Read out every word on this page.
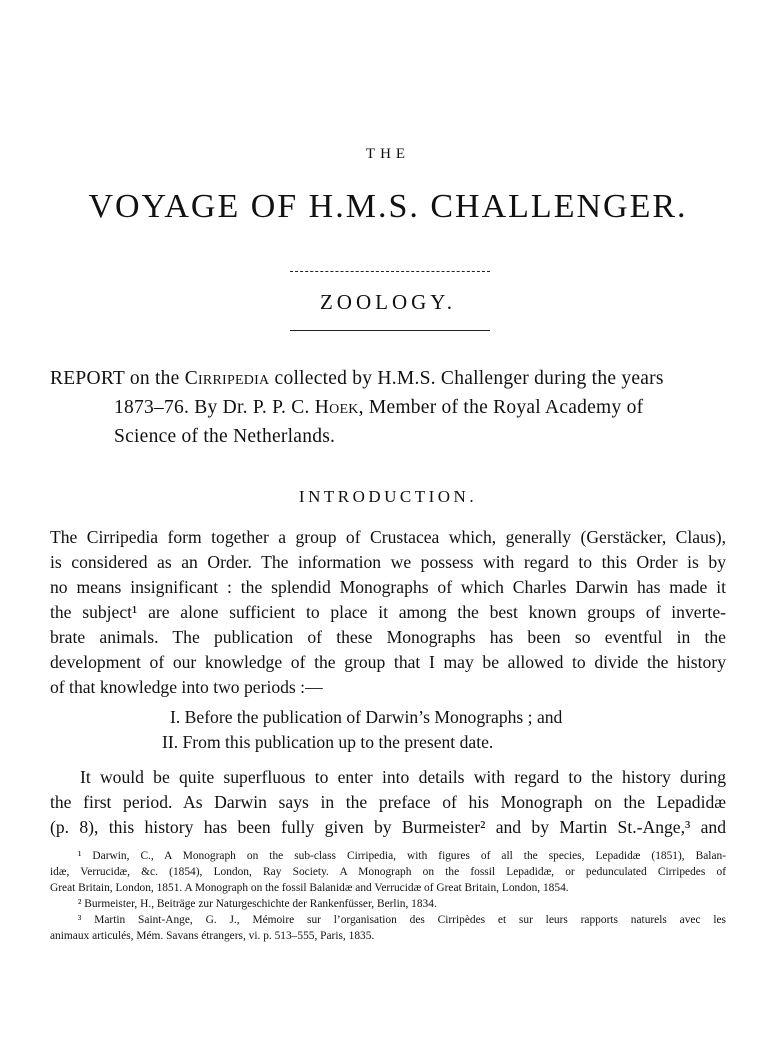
THE
VOYAGE OF H.M.S. CHALLENGER.
ZOOLOGY.
REPORT on the Cirripedia collected by H.M.S. Challenger during the years
1873–76. By Dr. P. P. C. Hoek, Member of the Royal Academy of
Science of the Netherlands.
INTRODUCTION.
The Cirripedia form together a group of Crustacea which, generally (Gerstäcker, Claus),
is considered as an Order. The information we possess with regard to this Order is by
no means insignificant : the splendid Monographs of which Charles Darwin has made it
the subject¹ are alone sufficient to place it among the best known groups of inverte-
brate animals. The publication of these Monographs has been so eventful in the
development of our knowledge of the group that I may be allowed to divide the history
of that knowledge into two periods :—
I. Before the publication of Darwin’s Monographs ; and
II. From this publication up to the present date.
It would be quite superfluous to enter into details with regard to the history during
the first period. As Darwin says in the preface of his Monograph on the Lepadidæ
(p. 8), this history has been fully given by Burmeister² and by Martin St.-Ange,³ and
¹ Darwin, C., A Monograph on the sub-class Cirripedia, with figures of all the species, Lepadidæ (1851), Balan-
idæ, Verrucidæ, &c. (1854), London, Ray Society. A Monograph on the fossil Lepadidæ, or pedunculated Cirripedes of
Great Britain, London, 1851. A Monograph on the fossil Balanidæ and Verrucidæ of Great Britain, London, 1854.
² Burmeister, H., Beiträge zur Naturgeschichte der Rankenfüsser, Berlin, 1834.
³ Martin Saint-Ange, G. J., Mémoire sur l’organisation des Cirripèdes et sur leurs rapports naturels avec les
animaux articulés, Mém. Savans étrangers, vi. p. 513–555, Paris, 1835.
